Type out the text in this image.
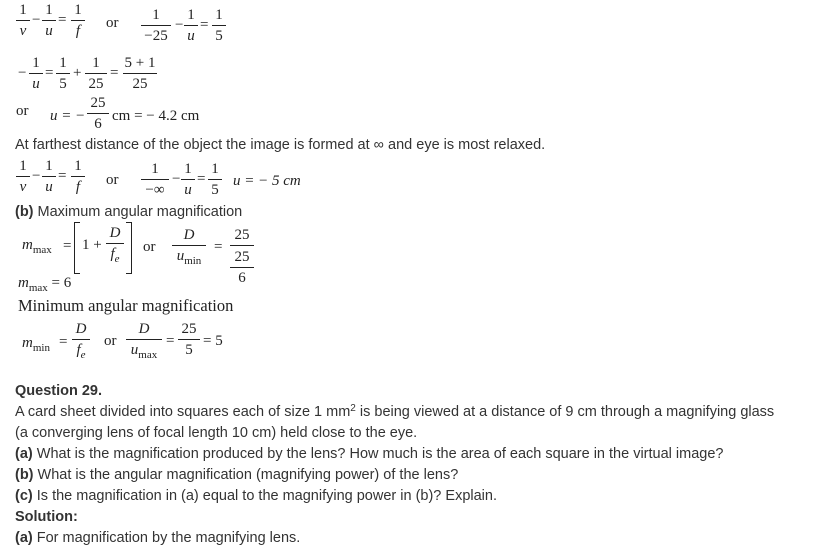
$\frac{1}{v} - \frac{1}{u} = \frac{1}{f}$ or $\frac{1}{-25} - \frac{1}{u} = \frac{1}{5}$
− $\frac{1}{u} = \frac{1}{5} + \frac{1}{25} = \frac{5 + 1}{25}$
or u = − $\frac{25}{6}$ cm = − 4.2 cm
At farthest distance of the object the image is formed at ∞ and eye is most relaxed.
$\frac{1}{v} - \frac{1}{u} = \frac{1}{f}$ or
1
−∞
− $\frac{1}{u} = \frac{1}{5}$ u = − 5 cm
(b) Maximum angular magnification
$m_{max} = 1 + \frac{D}{f_e}$ or
D
$u_{min}$
= 25
25
6
$m_{max} = 6$
Minimum angular magnification
$m_{min} = \frac{D}{f_e}$ or
D
$u_{max}$
= $\frac{25}{5} = 5$
Question 29.
A card sheet divided into squares each of size 1 $mm^2$ is being viewed at a distance of 9 cm through a magnifying glass
(a converging lens of focal length 10 cm) held close to the eye.
(a) What is the magnification produced by the lens? How much is the area of each square in the virtual image?
(b) What is the angular magnification (magnifying power) of the lens?
(c) Is the magnification in (a) equal to the magnifying power in (b)? Explain.
Solution:
(a) For magnification by the magnifying lens.
